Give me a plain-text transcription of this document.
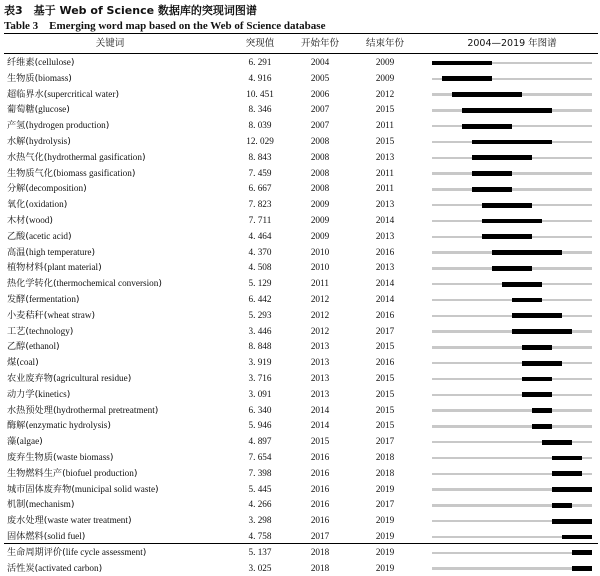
表3　基于 Web of Science 数据库的突现词图谱
Table 3　Emerging word map based on the Web of Science database
关键词	突现值	开始年份	结束年份	2004—2019 年图谱
纤维素(cellulose)	6. 291	2004	2009
生物质(biomass)	4. 916	2005	2009
超临界水(supercritical water)	10. 451	2006	2012
葡萄糖(glucose)	8. 346	2007	2015
产氢(hydrogen production)	8. 039	2007	2011
水解(hydrolysis)	12. 029	2008	2015
水热气化(hydrothermal gasification)	8. 843	2008	2013
生物质气化(biomass gasification)	7. 459	2008	2011
分解(decomposition)	6. 667	2008	2011
氧化(oxidation)	7. 823	2009	2013
木材(wood)	7. 711	2009	2014
乙酸(acetic acid)	4. 464	2009	2013
高温(high temperature)	4. 370	2010	2016
植物材料(plant material)	4. 508	2010	2013
热化学转化(thermochemical conversion)	5. 129	2011	2014
发酵(fermentation)	6. 442	2012	2014
小麦秸秆(wheat straw)	5. 293	2012	2016
工艺(technology)	3. 446	2012	2017
乙醇(ethanol)	8. 848	2013	2015
煤(coal)	3. 919	2013	2016
农业废弃物(agricultural residue)	3. 716	2013	2015
动力学(kinetics)	3. 091	2013	2015
水热预处理(hydrothermal pretreatment)	6. 340	2014	2015
酶解(enzymatic hydrolysis)	5. 946	2014	2015
藻(algae)	4. 897	2015	2017
废弃生物质(waste biomass)	7. 654	2016	2018
生物燃料生产(biofuel production)	7. 398	2016	2018
城市固体废弃物(municipal solid waste)	5. 445	2016	2019
机制(mechanism)	4. 266	2016	2017
废水处理(waste water treatment)	3. 298	2016	2019
固体燃料(solid fuel)	4. 758	2017	2019
生命周期评价(life cycle assessment)	5. 137	2018	2019
活性炭(activated carbon)	3. 025	2018	2019
